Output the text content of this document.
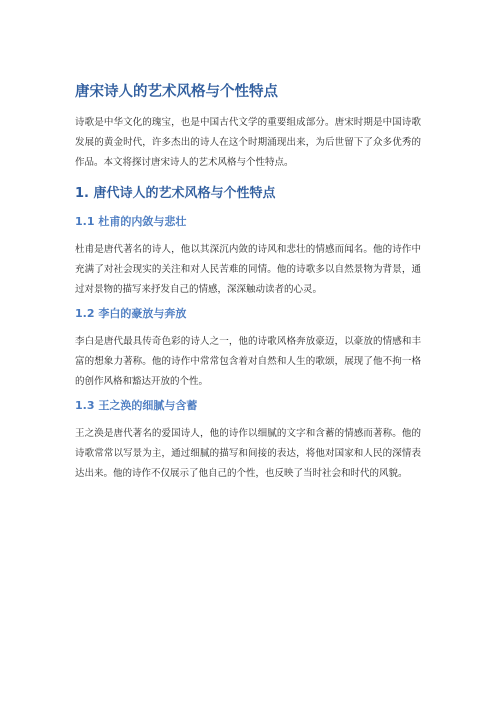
唐宋诗人的艺术风格与个性特点

诗歌是中华文化的瑰宝，也是中国古代文学的重要组成部分。唐宋时期是中国诗歌发展的黄金时代，许多杰出的诗人在这个时期涌现出来，为后世留下了众多优秀的作品。本文将探讨唐宋诗人的艺术风格与个性特点。

1. 唐代诗人的艺术风格与个性特点
1.1 杜甫的内敛与悲壮

杜甫是唐代著名的诗人，他以其深沉内敛的诗风和悲壮的情感而闻名。他的诗作中充满了对社会现实的关注和对人民苦难的同情。他的诗歌多以自然景物为背景，通过对景物的描写来抒发自己的情感，深深触动读者的心灵。

1.2 李白的豪放与奔放

李白是唐代最具传奇色彩的诗人之一，他的诗歌风格奔放豪迈，以豪放的情感和丰富的想象力著称。他的诗作中常常包含着对自然和人生的歌颂，展现了他不拘一格的创作风格和豁达开放的个性。

1.3 王之涣的细腻与含蓄

王之涣是唐代著名的爱国诗人，他的诗作以细腻的文字和含蓄的情感而著称。他的诗歌常常以写景为主，通过细腻的描写和间接的表达，将他对国家和人民的深情表达出来。他的诗作不仅展示了他自己的个性，也反映了当时社会和时代的风貌。
